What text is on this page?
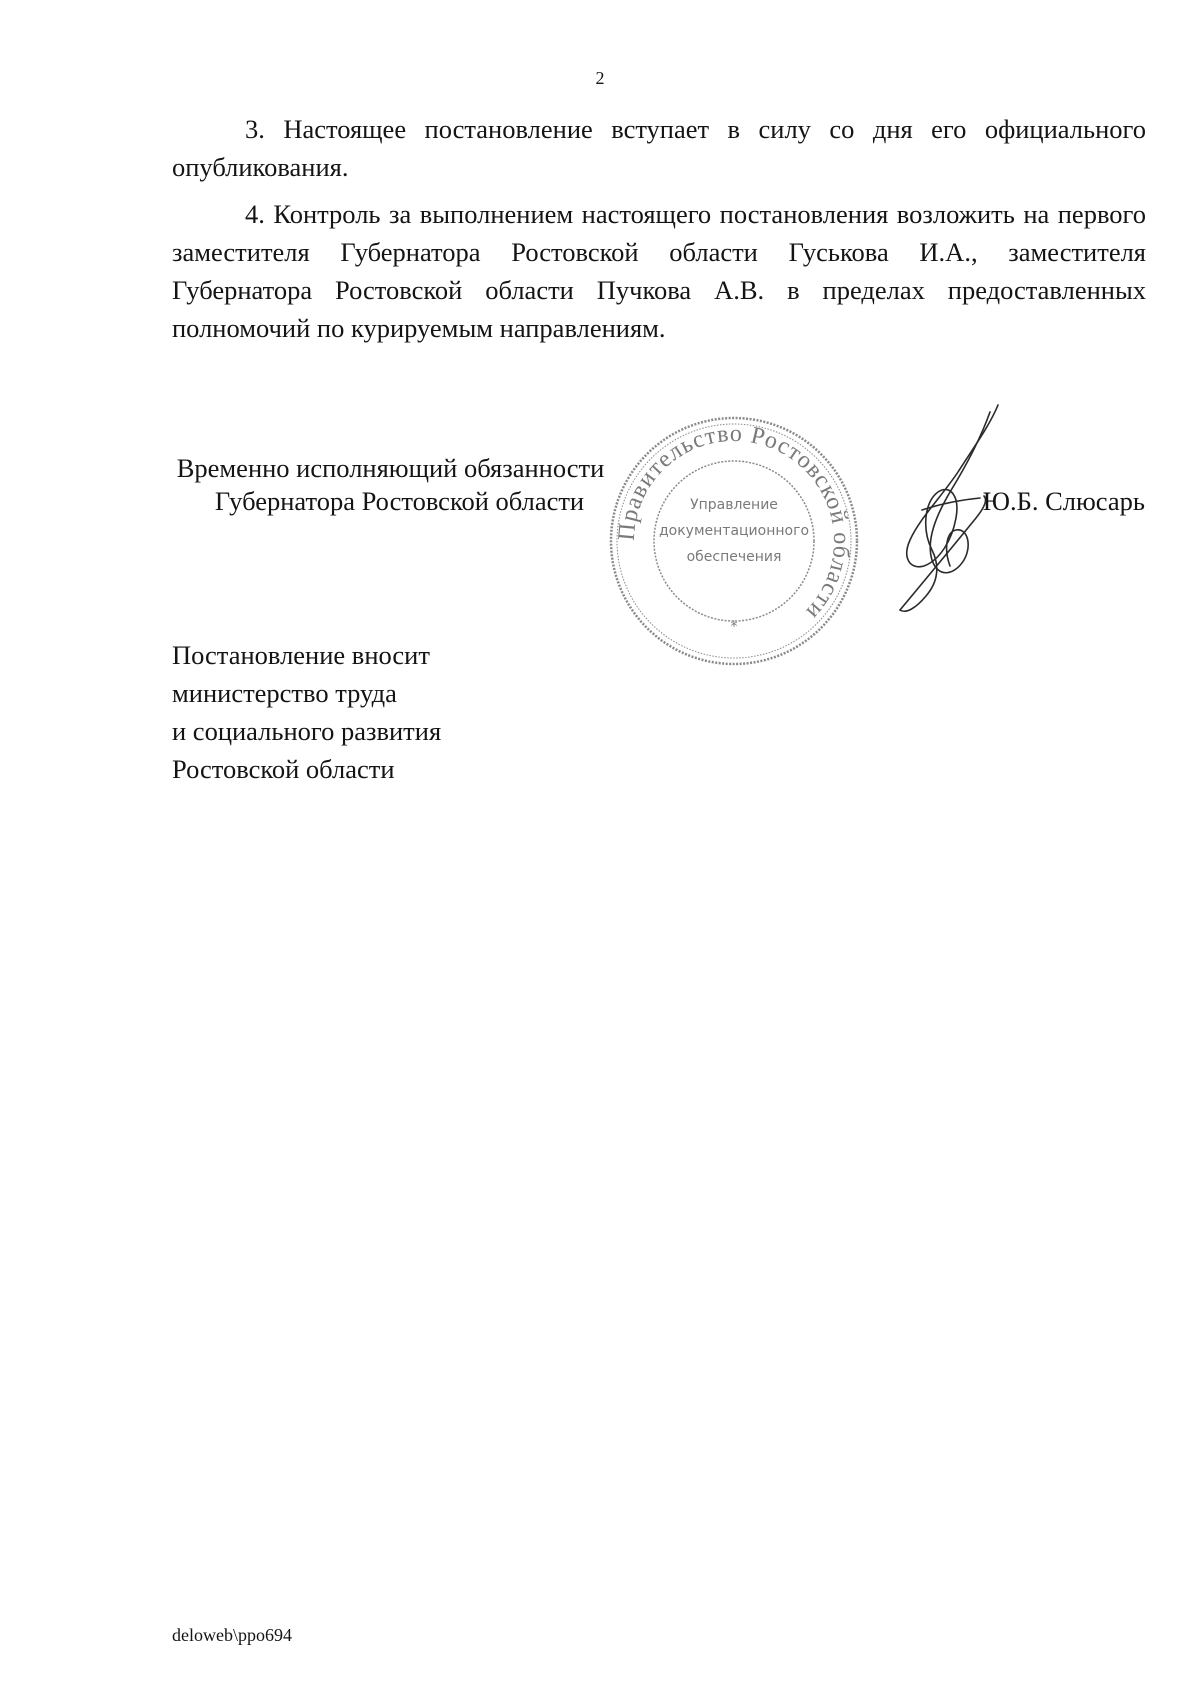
2

3. Настоящее постановление вступает в силу со дня его официального опубликования.

4. Контроль за выполнением настоящего постановления возложить на первого заместителя Губернатора Ростовской области Гуськова И.А., заместителя Губернатора Ростовской области Пучкова А.В. в пределах предоставленных полномочий по курируемым направлениям.

Временно исполняющий обязанности
Губернатора Ростовской области
Правительство Ростовской области
Управление
документационного
обеспечения
*
Ю.Б. Слюсарь
Постановление вносит
министерство труда
и социального развития
Ростовской области
deloweb\ppo694
